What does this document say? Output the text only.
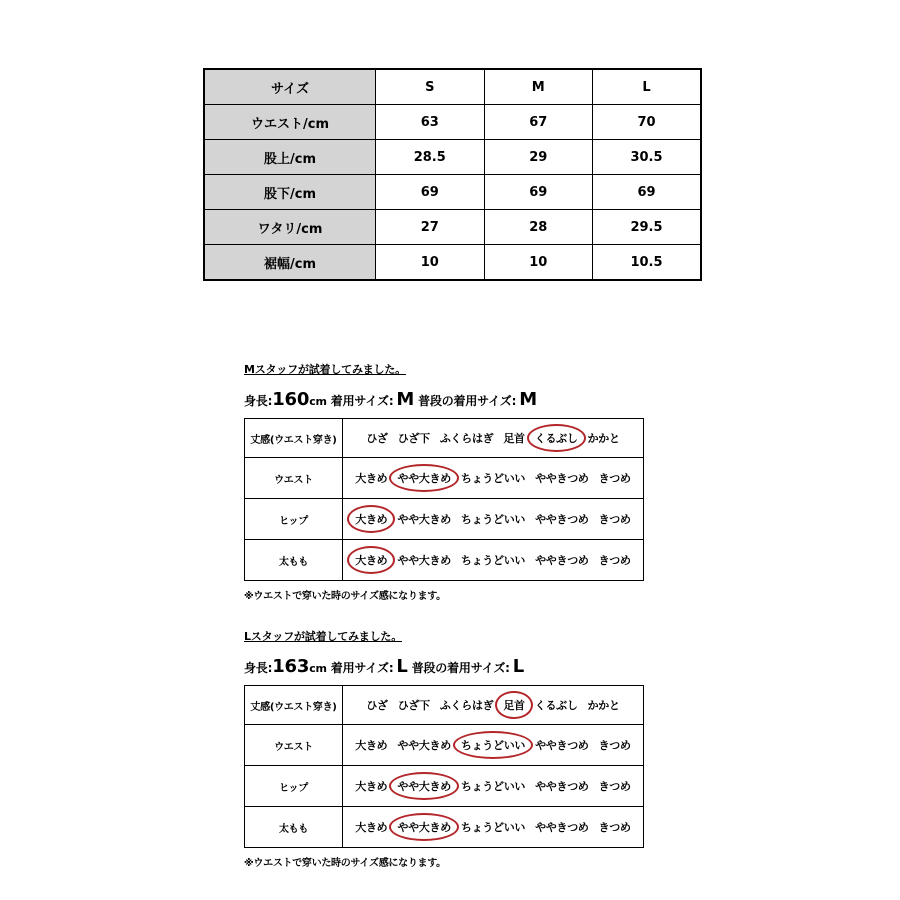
サイズ	S	M	L
ウエスト/cm	63	67	70
股上/cm	28.5	29	30.5
股下/cm	69	69	69
ワタリ/cm	27	28	29.5
裾幅/cm	10	10	10.5
Mスタッフが試着してみました。
身長:160cm 着用サイズ: M 普段の着用サイズ: M
丈感(ウエスト穿き)	ひざ ひざ下 ふくらはぎ 足首 くるぶし かかと
ウエスト	大きめ やや大きめ ちょうどいい ややきつめ きつめ
ヒップ	大きめ やや大きめ ちょうどいい ややきつめ きつめ
太もも	大きめ やや大きめ ちょうどいい ややきつめ きつめ
※ウエストで穿いた時のサイズ感になります。
Lスタッフが試着してみました。
身長:163cm 着用サイズ: L 普段の着用サイズ: L
丈感(ウエスト穿き)	ひざ ひざ下 ふくらはぎ 足首 くるぶし かかと
ウエスト	大きめ やや大きめ ちょうどいい ややきつめ きつめ
ヒップ	大きめ やや大きめ ちょうどいい ややきつめ きつめ
太もも	大きめ やや大きめ ちょうどいい ややきつめ きつめ
※ウエストで穿いた時のサイズ感になります。
